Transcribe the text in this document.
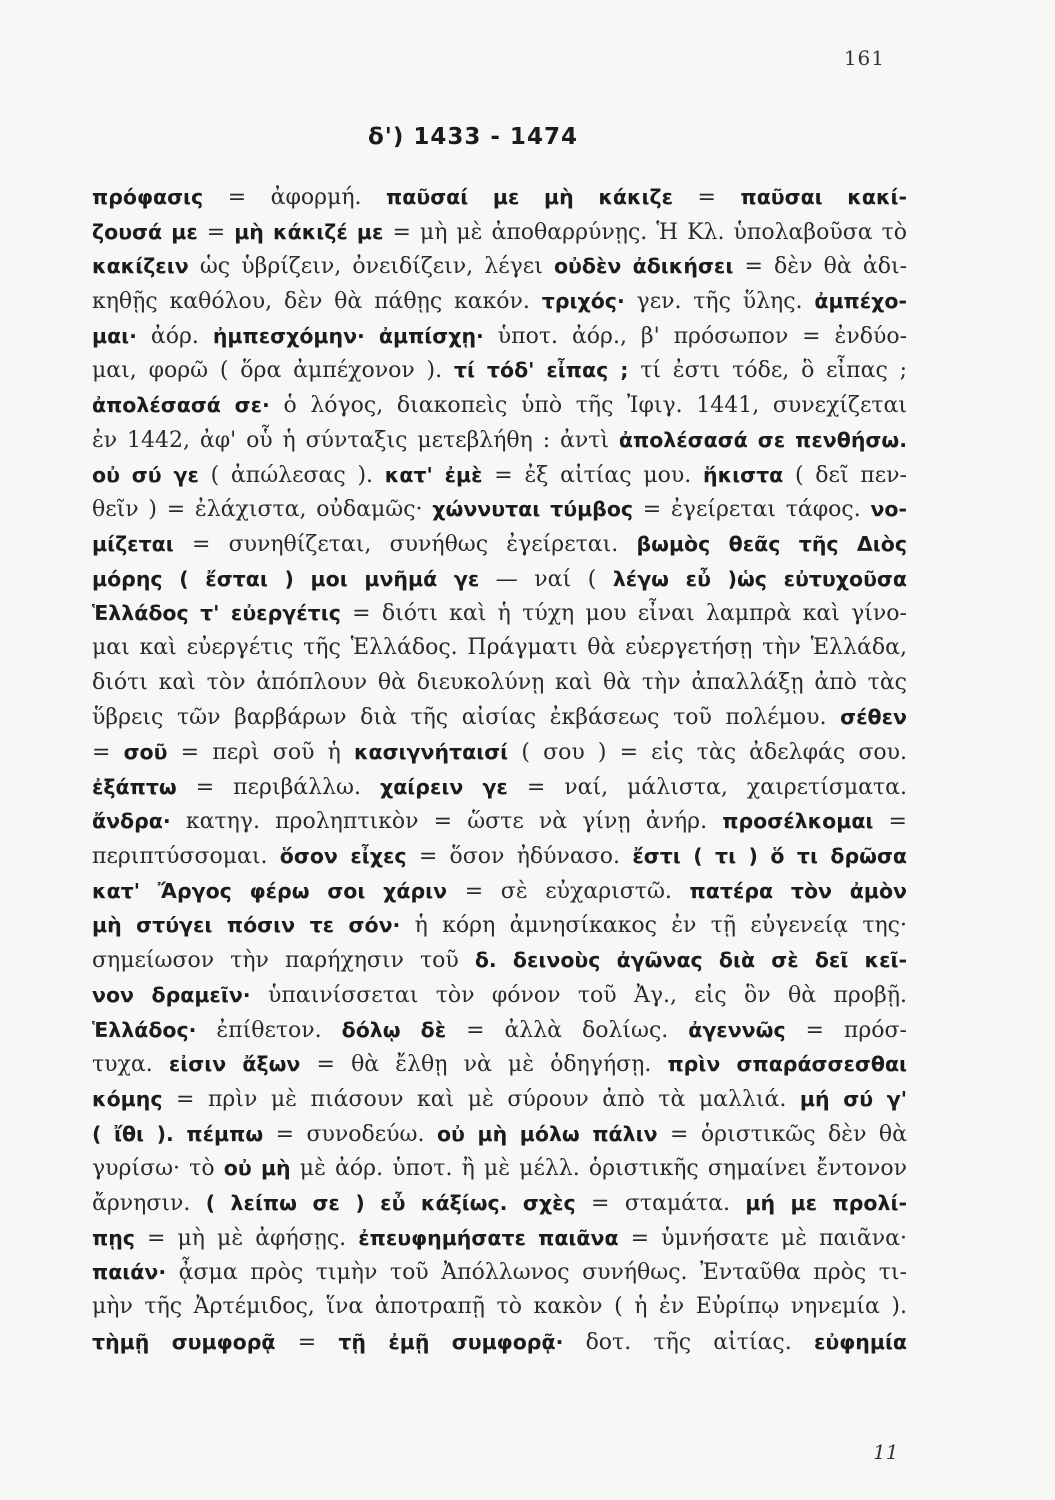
161
δ') 1433 - 1474
πρόφασις = ἀφορμή. παῦσαί με μὴ κάκιζε = παῦσαι κακί-
ζουσά με = μὴ κάκιζέ με = μὴ μὲ ἀποθαρρύνῃς. Ἡ Κλ. ὑπολαβοῦσα τὸ
κακίζειν ὡς ὑβρίζειν, ὀνειδίζειν, λέγει οὐδὲν ἀδικήσει = δὲν θὰ ἀδι-
κηθῇς καθόλου, δὲν θὰ πάθῃς κακόν. τριχός· γεν. τῆς ὕλης. ἀμπέχο-
μαι· ἀόρ. ἠμπεσχόμην· ἀμπίσχῃ· ὑποτ. ἀόρ., β' πρόσωπον = ἐνδύο-
μαι, φορῶ ( ὅρα ἀμπέχονον ). τί τόδ' εἶπας ; τί ἐστι τόδε, ὃ εἶπας ;
ἀπολέσασά σε· ὁ λόγος, διακοπεὶς ὑπὸ τῆς Ἰφιγ. 1441, συνεχίζεται
ἐν 1442, ἀφ' οὗ ἡ σύνταξις μετεβλήθη : ἀντὶ ἀπολέσασά σε πενθήσω.
οὐ σύ γε ( ἀπώλεσας ). κατ' ἐμὲ = ἐξ αἰτίας μου. ἥκιστα ( δεῖ πεν-
θεῖν ) = ἐλάχιστα, οὐδαμῶς· χώννυται τύμβος = ἐγείρεται τάφος. νο-
μίζεται = συνηθίζεται, συνήθως ἐγείρεται. βωμὸς θεᾶς τῆς Διὸς
μόρης ( ἔσται ) μοι μνῆμά γε — ναί ( λέγω εὖ )ὡς εὐτυχοῦσα
Ἑλλάδος τ' εὐεργέτις = διότι καὶ ἡ τύχη μου εἶναι λαμπρὰ καὶ γίνο-
μαι καὶ εὐεργέτις τῆς Ἑλλάδος. Πράγματι θὰ εὐεργετήσῃ τὴν Ἑλλάδα,
διότι καὶ τὸν ἀπόπλουν θὰ διευκολύνῃ καὶ θὰ τὴν ἀπαλλάξῃ ἀπὸ τὰς
ὕβρεις τῶν βαρβάρων διὰ τῆς αἰσίας ἐκβάσεως τοῦ πολέμου. σέθεν
= σοῦ = περὶ σοῦ ἡ κασιγνήταισί ( σου ) = εἰς τὰς ἀδελφάς σου.
ἐξάπτω = περιβάλλω. χαίρειν γε = ναί, μάλιστα, χαιρετίσματα.
ἄνδρα· κατηγ. προληπτικὸν = ὥστε νὰ γίνῃ ἀνήρ. προσέλκομαι =
περιπτύσσομαι. ὅσον εἶχες = ὅσον ἠδύνασο. ἔστι ( τι ) ὅ τι δρῶσα
κατ' Ἄργος φέρω σοι χάριν = σὲ εὐχαριστῶ. πατέρα τὸν ἀμὸν
μὴ στύγει πόσιν τε σόν· ἡ κόρη ἀμνησίκακος ἐν τῇ εὐγενείᾳ της·
σημείωσον τὴν παρήχησιν τοῦ δ. δεινοὺς ἀγῶνας διὰ σὲ δεῖ κεῖ-
νον δραμεῖν· ὑπαινίσσεται τὸν φόνον τοῦ Ἀγ., εἰς ὃν θὰ προβῇ.
Ἑλλάδος· ἐπίθετον. δόλῳ δὲ = ἀλλὰ δολίως. ἀγεννῶς = πρόσ-
τυχα. εἰσιν ἄξων = θὰ ἔλθῃ νὰ μὲ ὁδηγήσῃ. πρὶν σπαράσσεσθαι
κόμης = πρὶν μὲ πιάσουν καὶ μὲ σύρουν ἀπὸ τὰ μαλλιά. μή σύ γ'
( ἴθι ). πέμπω = συνοδεύω. οὐ μὴ μόλω πάλιν = ὁριστικῶς δὲν θὰ
γυρίσω· τὸ οὐ μὴ μὲ ἀόρ. ὑποτ. ἢ μὲ μέλλ. ὁριστικῆς σημαίνει ἔντονον
ἄρνησιν. ( λείπω σε ) εὖ κάξίως. σχὲς = σταμάτα. μή με προλί-
πῃς = μὴ μὲ ἀφήσῃς. ἐπευφημήσατε παιᾶνα = ὑμνήσατε μὲ παιᾶνα·
παιάν· ᾆσμα πρὸς τιμὴν τοῦ Ἀπόλλωνος συνήθως. Ἐνταῦθα πρὸς τι-
μὴν τῆς Ἀρτέμιδος, ἵνα ἀποτραπῇ τὸ κακὸν ( ἡ ἐν Εὐρίπῳ νηνεμία ).
τὴμῇ συμφορᾷ = τῇ ἐμῇ συμφορᾷ· δοτ. τῆς αἰτίας. εὐφημία
11
